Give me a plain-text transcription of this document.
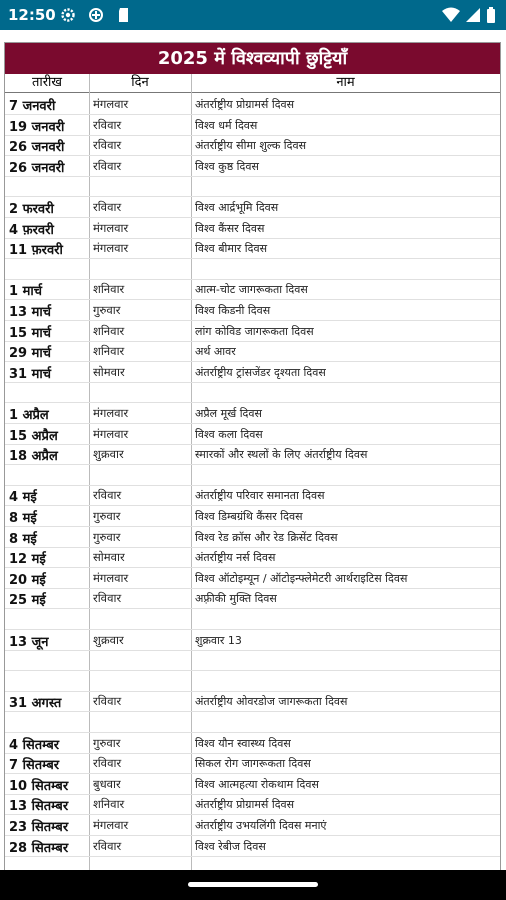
12:50

2025 में विश्वव्यापी छुट्टियाँ
तारीख	दिन	नाम
7 जनवरी	मंगलवार	अंतर्राष्ट्रीय प्रोग्रामर्स दिवस
19 जनवरी रविवार	विश्व धर्म दिवस
26 जनवरी रविवार	अंतर्राष्ट्रीय सीमा शुल्क दिवस
26 जनवरी रविवार	विश्व कुष्ठ दिवस
2 फरवरी	रविवार	विश्व आर्द्रभूमि दिवस
4 फ़रवरी	मंगलवार	विश्व कैंसर दिवस
11 फ़रवरी	मंगलवार	विश्व बीमार दिवस
1 मार्च	शनिवार	आत्म-चोट जागरूकता दिवस
13 मार्च	गुरुवार	विश्व किडनी दिवस
15 मार्च	शनिवार	लांग कोविड जागरूकता दिवस
29 मार्च	शनिवार	अर्थ आवर
31 मार्च	सोमवार	अंतर्राष्ट्रीय ट्रांसजेंडर दृश्यता दिवस
1 अप्रैल	मंगलवार	अप्रैल मूर्ख दिवस
15 अप्रैल	मंगलवार	विश्व कला दिवस
18 अप्रैल	शुक्रवार	स्मारकों और स्थलों के लिए अंतर्राष्ट्रीय दिवस
4 मई	रविवार	अंतर्राष्ट्रीय परिवार समानता दिवस
8 मई	गुरुवार	विश्व डिम्बग्रंथि कैंसर दिवस
8 मई	गुरुवार	विश्व रेड क्रॉस और रेड क्रिसेंट दिवस
12 मई	सोमवार	अंतर्राष्ट्रीय नर्स दिवस
20 मई	मंगलवार	विश्व ऑटोइम्यून / ऑटोइन्फ्लेमेटरी आर्थराइटिस दिवस
25 मई	रविवार	अफ़्रीकी मुक्ति दिवस
13 जून	शुक्रवार	शुक्रवार 13
31 अगस्त	रविवार	अंतर्राष्ट्रीय ओवरडोज जागरूकता दिवस
4 सितम्बर	गुरुवार	विश्व यौन स्वास्थ्य दिवस
7 सितम्बर	रविवार	सिकल रोग जागरूकता दिवस
10 सितम्बर बुधवार	विश्व आत्महत्या रोकथाम दिवस
13 सितम्बर शनिवार	अंतर्राष्ट्रीय प्रोग्रामर्स दिवस
23 सितम्बर मंगलवार	अंतर्राष्ट्रीय उभयलिंगी दिवस मनाएं
28 सितम्बर रविवार	विश्व रेबीज दिवस
